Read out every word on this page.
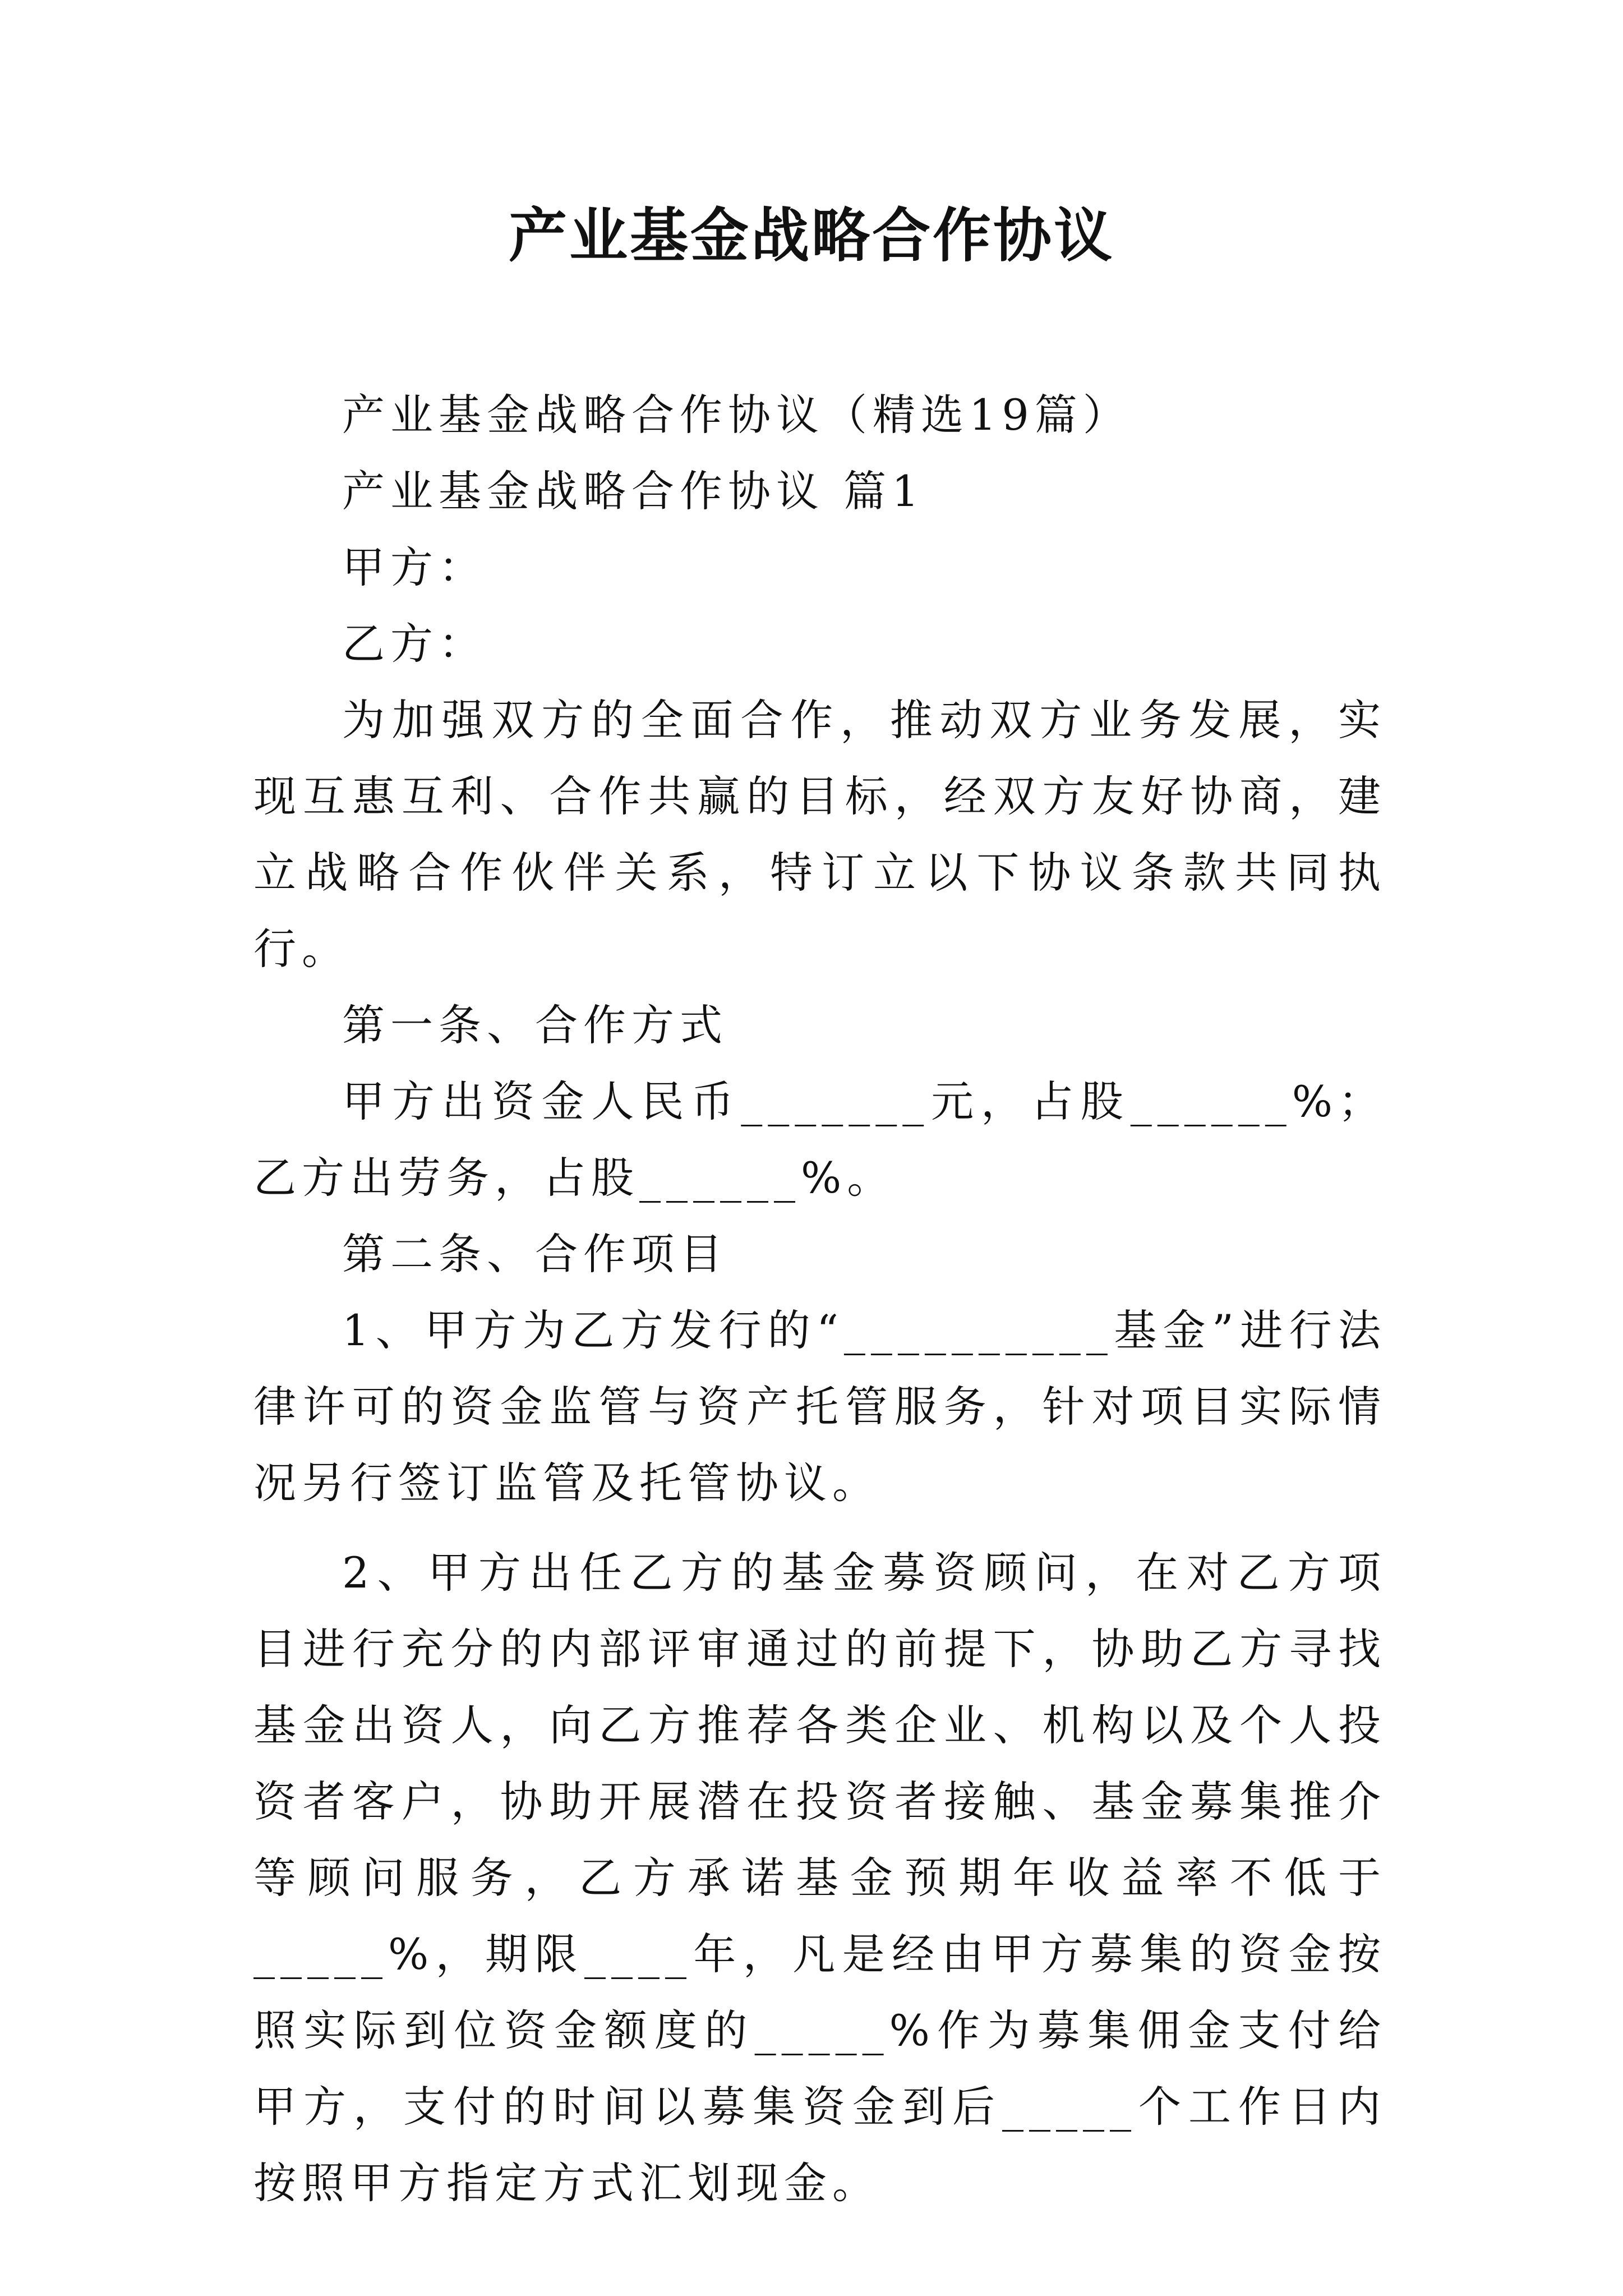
产业基金战略合作协议

产业基金战略合作协议（精选19篇）

产业基金战略合作协议 篇1

甲方：

乙方：

为加强双方的全面合作，推动双方业务发展，实现互惠互利、合作共赢的目标，经双方友好协商，建立战略合作伙伴关系，特订立以下协议条款共同执行。

第一条、合作方式

甲方出资金人民币_______元，占股______%；乙方出劳务，占股______%。

第二条、合作项目

1、甲方为乙方发行的“__________基金”进行法律许可的资金监管与资产托管服务，针对项目实际情况另行签订监管及托管协议。

2、甲方出任乙方的基金募资顾问，在对乙方项目进行充分的内部评审通过的前提下，协助乙方寻找基金出资人，向乙方推荐各类企业、机构以及个人投资者客户，协助开展潜在投资者接触、基金募集推介等顾问服务，乙方承诺基金预期年收益率不低于_____%，期限____年，凡是经由甲方募集的资金按照实际到位资金额度的_____%作为募集佣金支付给甲方，支付的时间以募集资金到后_____个工作日内按照甲方指定方式汇划现金。
